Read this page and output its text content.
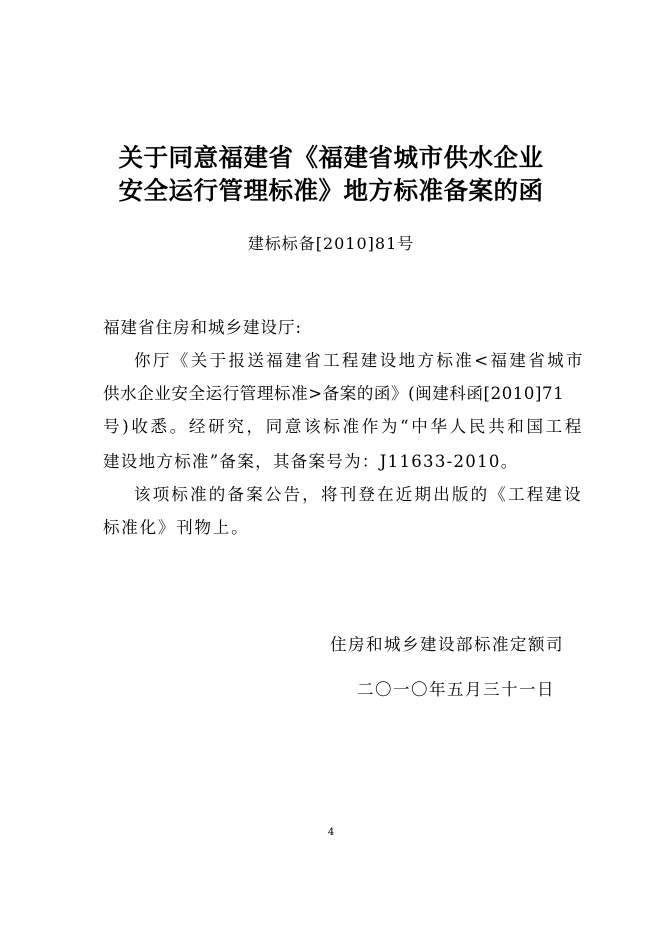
关于同意福建省《福建省城市供水企业
安全运行管理标准》地方标准备案的函
建标标备[2010]81号
福建省住房和城乡建设厅:
你厅《关于报送福建省工程建设地方标准<福建省城市
供水企业安全运行管理标准>备案的函》(闽建科函[2010]71
号)收悉。经研究，同意该标准作为“中华人民共和国工程
建设地方标准”备案，其备案号为：J11633-2010。
该项标准的备案公告，将刊登在近期出版的《工程建设
标准化》刊物上。
住房和城乡建设部标准定额司
二〇一〇年五月三十一日
4
